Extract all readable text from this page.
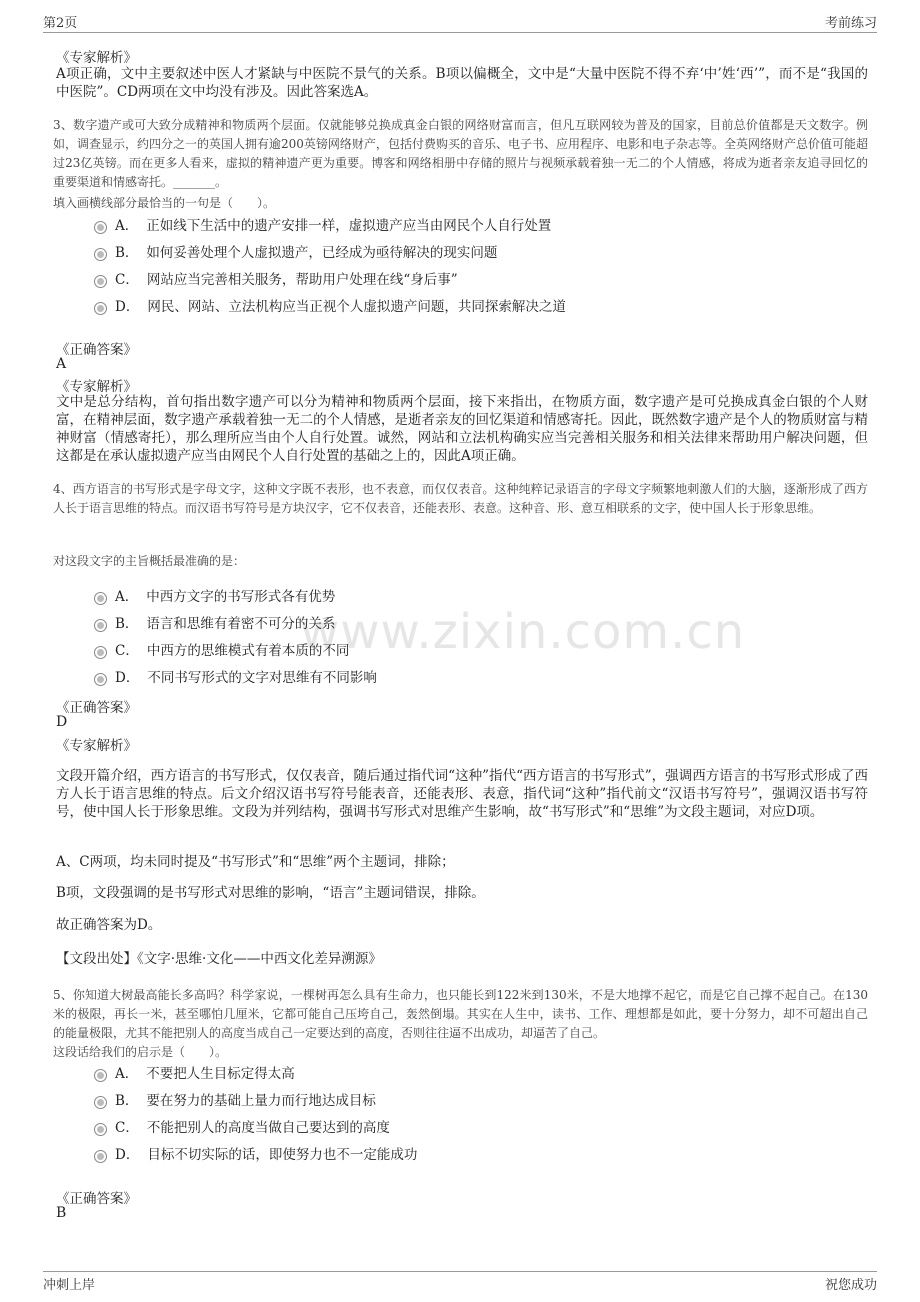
第2页	考前练习
www.zixin.com.cn
《专家解析》

A项正确，文中主要叙述中医人才紧缺与中医院不景气的关系。B项以偏概全，文中是“大量中医院不得不弃‘中’姓‘西’”，而不是“我国的中医院”。CD两项在文中均没有涉及。因此答案选A。

3、数字遗产或可大致分成精神和物质两个层面。仅就能够兑换成真金白银的网络财富而言，但凡互联网较为普及的国家，目前总价值都是天文数字。例如，调查显示，约四分之一的英国人拥有逾200英镑网络财产，包括付费购买的音乐、电子书、应用程序、电影和电子杂志等。全英网络财产总价值可能超过23亿英镑。而在更多人看来，虚拟的精神遗产更为重要。博客和网络相册中存储的照片与视频承载着独一无二的个人情感，将成为逝者亲友追寻回忆的重要渠道和情感寄托。_______。

填入画横线部分最恰当的一句是（　　）。
A． 正如线下生活中的遗产安排一样，虚拟遗产应当由网民个人自行处置
B． 如何妥善处理个人虚拟遗产，已经成为亟待解决的现实问题
C． 网站应当完善相关服务，帮助用户处理在线“身后事”
D． 网民、网站、立法机构应当正视个人虚拟遗产问题，共同探索解决之道
《正确答案》
A
《专家解析》

文中是总分结构，首句指出数字遗产可以分为精神和物质两个层面，接下来指出，在物质方面，数字遗产是可兑换成真金白银的个人财富，在精神层面，数字遗产承载着独一无二的个人情感，是逝者亲友的回忆渠道和情感寄托。因此，既然数字遗产是个人的物质财富与精神财富（情感寄托），那么理所应当由个人自行处置。诚然，网站和立法机构确实应当完善相关服务和相关法律来帮助用户解决问题，但这都是在承认虚拟遗产应当由网民个人自行处置的基础之上的，因此A项正确。

4、西方语言的书写形式是字母文字，这种文字既不表形，也不表意，而仅仅表音。这种纯粹记录语言的字母文字频繁地刺激人们的大脑，逐渐形成了西方人长于语言思维的特点。而汉语书写符号是方块汉字，它不仅表音，还能表形、表意。这种音、形、意互相联系的文字，使中国人长于形象思维。

对这段文字的主旨概括最准确的是：
A． 中西方文字的书写形式各有优势
B． 语言和思维有着密不可分的关系
C． 中西方的思维模式有着本质的不同
D． 不同书写形式的文字对思维有不同影响
《正确答案》
D
《专家解析》

文段开篇介绍，西方语言的书写形式，仅仅表音，随后通过指代词“这种”指代“西方语言的书写形式”，强调西方语言的书写形式形成了西方人长于语言思维的特点。后文介绍汉语书写符号能表音，还能表形、表意，指代词“这种”指代前文“汉语书写符号”，强调汉语书写符号，使中国人长于形象思维。文段为并列结构，强调书写形式对思维产生影响，故“书写形式”和“思维”为文段主题词，对应D项。

A、C两项，均未同时提及“书写形式”和“思维”两个主题词，排除；

B项，文段强调的是书写形式对思维的影响，“语言”主题词错误，排除。

故正确答案为D。

【文段出处】《文字·思维·文化——中西文化差异溯源》

5、你知道大树最高能长多高吗？科学家说，一棵树再怎么具有生命力，也只能长到122米到130米，不是大地撑不起它，而是它自己撑不起自己。在130米的极限，再长一米，甚至哪怕几厘米，它都可能自己压垮自己，轰然倒塌。其实在人生中，读书、工作、理想都是如此，要十分努力，却不可超出自己的能量极限，尤其不能把别人的高度当成自己一定要达到的高度，否则往往逼不出成功，却逼苦了自己。

这段话给我们的启示是（　　）。
A． 不要把人生目标定得太高
B． 要在努力的基础上量力而行地达成目标
C． 不能把别人的高度当做自己要达到的高度
D． 目标不切实际的话，即使努力也不一定能成功
《正确答案》
B
冲刺上岸	祝您成功
